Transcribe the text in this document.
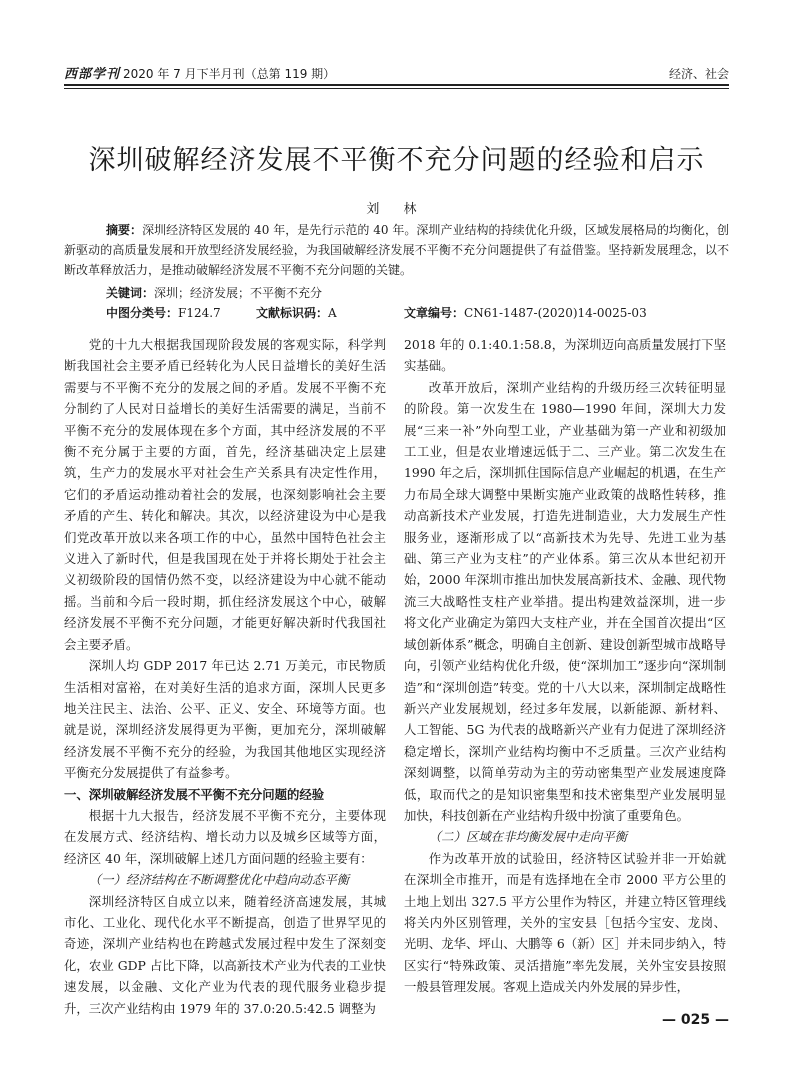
西部学刊 2020 年 7 月下半月刊（总第 119 期）	经济、社会
深圳破解经济发展不平衡不充分问题的经验和启示
刘 林
摘要：深圳经济特区发展的 40 年，是先行示范的 40 年。深圳产业结构的持续优化升级，区域发展格局的均衡化，创新驱动的高质量发展和开放型经济发展经验，为我国破解经济发展不平衡不充分问题提供了有益借鉴。坚持新发展理念，以不断改革释放活力，是推动破解经济发展不平衡不充分问题的关键。
关键词：深圳；经济发展；不平衡不充分
中图分类号：F124.7	文献标识码：A	文章编号：CN61-1487-(2020)14-0025-03

党的十九大根据我国现阶段发展的客观实际，科学判断我国社会主要矛盾已经转化为人民日益增长的美好生活需要与不平衡不充分的发展之间的矛盾。发展不平衡不充分制约了人民对日益增长的美好生活需要的满足，当前不平衡不充分的发展体现在多个方面，其中经济发展的不平衡不充分属于主要的方面，首先，经济基础决定上层建筑，生产力的发展水平对社会生产关系具有决定性作用，它们的矛盾运动推动着社会的发展，也深刻影响社会主要矛盾的产生、转化和解决。其次，以经济建设为中心是我们党改革开放以来各项工作的中心，虽然中国特色社会主义进入了新时代，但是我国现在处于并将长期处于社会主义初级阶段的国情仍然不变，以经济建设为中心就不能动摇。当前和今后一段时期，抓住经济发展这个中心，破解经济发展不平衡不充分问题，才能更好解决新时代我国社会主要矛盾。

深圳人均 GDP 2017 年已达 2.71 万美元，市民物质生活相对富裕，在对美好生活的追求方面，深圳人民更多地关注民主、法治、公平、正义、安全、环境等方面。也就是说，深圳经济发展得更为平衡，更加充分，深圳破解经济发展不平衡不充分的经验，为我国其他地区实现经济平衡充分发展提供了有益参考。

一、深圳破解经济发展不平衡不充分问题的经验

根据十九大报告，经济发展不平衡不充分，主要体现在发展方式、经济结构、增长动力以及城乡区域等方面，经济区 40 年，深圳破解上述几方面问题的经验主要有：

（一）经济结构在不断调整优化中趋向动态平衡

深圳经济特区自成立以来，随着经济高速发展，其城市化、工业化、现代化水平不断提高，创造了世界罕见的奇迹，深圳产业结构也在跨越式发展过程中发生了深刻变化，农业 GDP 占比下降，以高新技术产业为代表的工业快速发展，以金融、文化产业为代表的现代服务业稳步提升，三次产业结构由 1979 年的 37.0:20.5:42.5 调整为

2018 年的 0.1:40.1:58.8，为深圳迈向高质量发展打下坚实基础。

改革开放后，深圳产业结构的升级历经三次转征明显的阶段。第一次发生在 1980—1990 年间，深圳大力发展“三来一补”外向型工业，产业基础为第一产业和初级加工工业，但是农业增速远低于二、三产业。第二次发生在 1990 年之后，深圳抓住国际信息产业崛起的机遇，在生产力布局全球大调整中果断实施产业政策的战略性转移，推动高新技术产业发展，打造先进制造业，大力发展生产性服务业，逐渐形成了以“高新技术为先导、先进工业为基础、第三产业为支柱”的产业体系。第三次从本世纪初开始，2000 年深圳市推出加快发展高新技术、金融、现代物流三大战略性支柱产业举措。提出构建效益深圳，进一步将文化产业确定为第四大支柱产业，并在全国首次提出“区域创新体系”概念，明确自主创新、建设创新型城市战略导向，引领产业结构优化升级，使“深圳加工”逐步向“深圳制造”和“深圳创造”转变。党的十八大以来，深圳制定战略性新兴产业发展规划，经过多年发展，以新能源、新材料、人工智能、5G 为代表的战略新兴产业有力促进了深圳经济稳定增长，深圳产业结构均衡中不乏质量。三次产业结构深刻调整，以简单劳动为主的劳动密集型产业发展速度降低，取而代之的是知识密集型和技术密集型产业发展明显加快，科技创新在产业结构升级中扮演了重要角色。

（二）区域在非均衡发展中走向平衡

作为改革开放的试验田，经济特区试验并非一开始就在深圳全市推开，而是有选择地在全市 2000 平方公里的土地上划出 327.5 平方公里作为特区，并建立特区管理线将关内外区别管理，关外的宝安县［包括今宝安、龙岗、光明、龙华、坪山、大鹏等 6（新）区］并未同步纳入，特区实行“特殊政策、灵活措施”率先发展，关外宝安县按照一般县管理发展。客观上造成关内外发展的异步性，

— 025 —
